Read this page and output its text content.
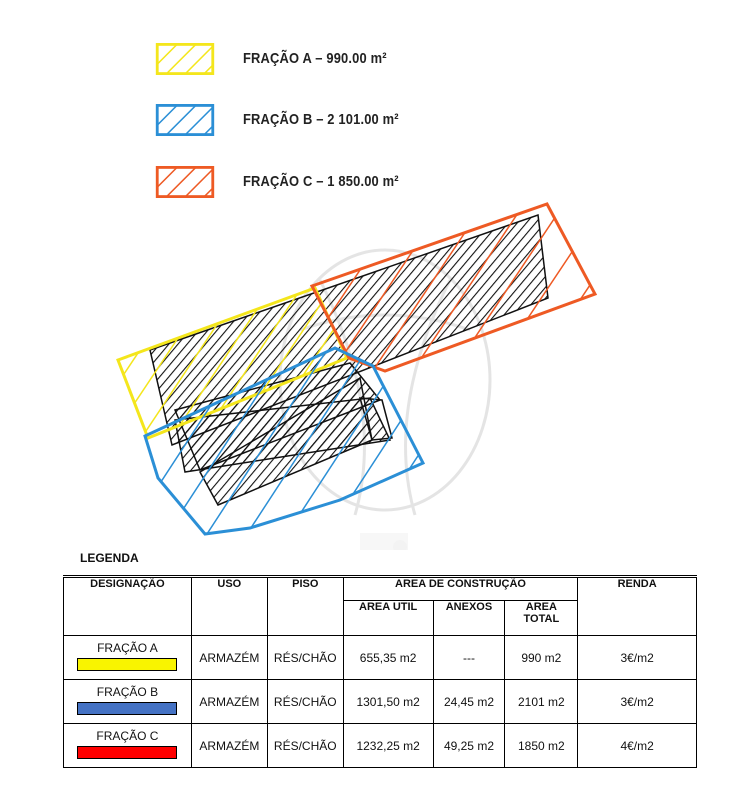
FRAÇÃO A – 990.00 m²
FRAÇÃO B – 2 101.00 m²
FRAÇÃO C – 1 850.00 m²
LEGENDA
DESIGNAÇÃO	USO	PISO	AREA DE CONSTRUÇÃO			RENDA
			AREA UTIL	ANEXOS	AREA
TOTAL	

FRAÇÃO A	ARMAZÉM	RÉS/CHÃO	655,35 m2	---	990 m2	3€/m2

FRAÇÃO B	ARMAZÉM	RÉS/CHÃO	1301,50 m2	24,45 m2	2101 m2	3€/m2

FRAÇÃO C	ARMAZÉM	RÉS/CHÃO	1232,25 m2	49,25 m2	1850 m2	4€/m2
